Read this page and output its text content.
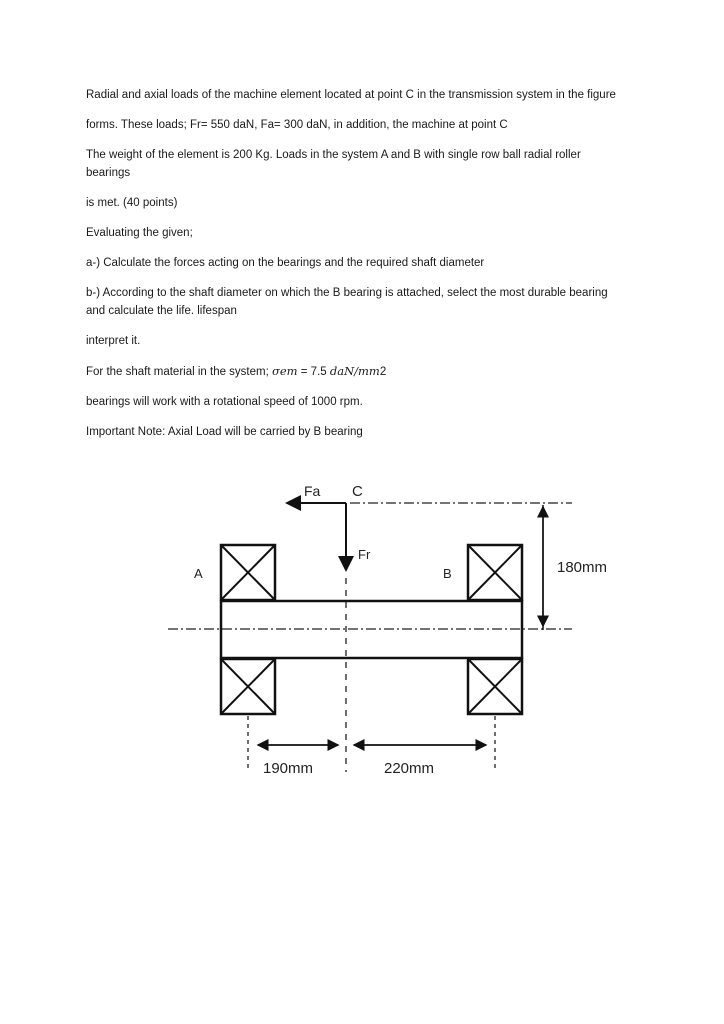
Radial and axial loads of the machine element located at point C in the transmission system in the figure

forms. These loads; Fr= 550 daN, Fa= 300 daN, in addition, the machine at point C

The weight of the element is 200 Kg. Loads in the system A and B with single row ball radial roller bearings

is met. (40 points)

Evaluating the given;

a-) Calculate the forces acting on the bearings and the required shaft diameter

b-) According to the shaft diameter on which the B bearing is attached, select the most durable bearing and calculate the life. lifespan

interpret it.

For the shaft material in the system; σem = 7.5 daN/mm2

bearings will work with a rotational speed of 1000 rpm.

Important Note: Axial Load will be carried by B bearing

Fa C
Fr
A	B	180mm
190mm	220mm
